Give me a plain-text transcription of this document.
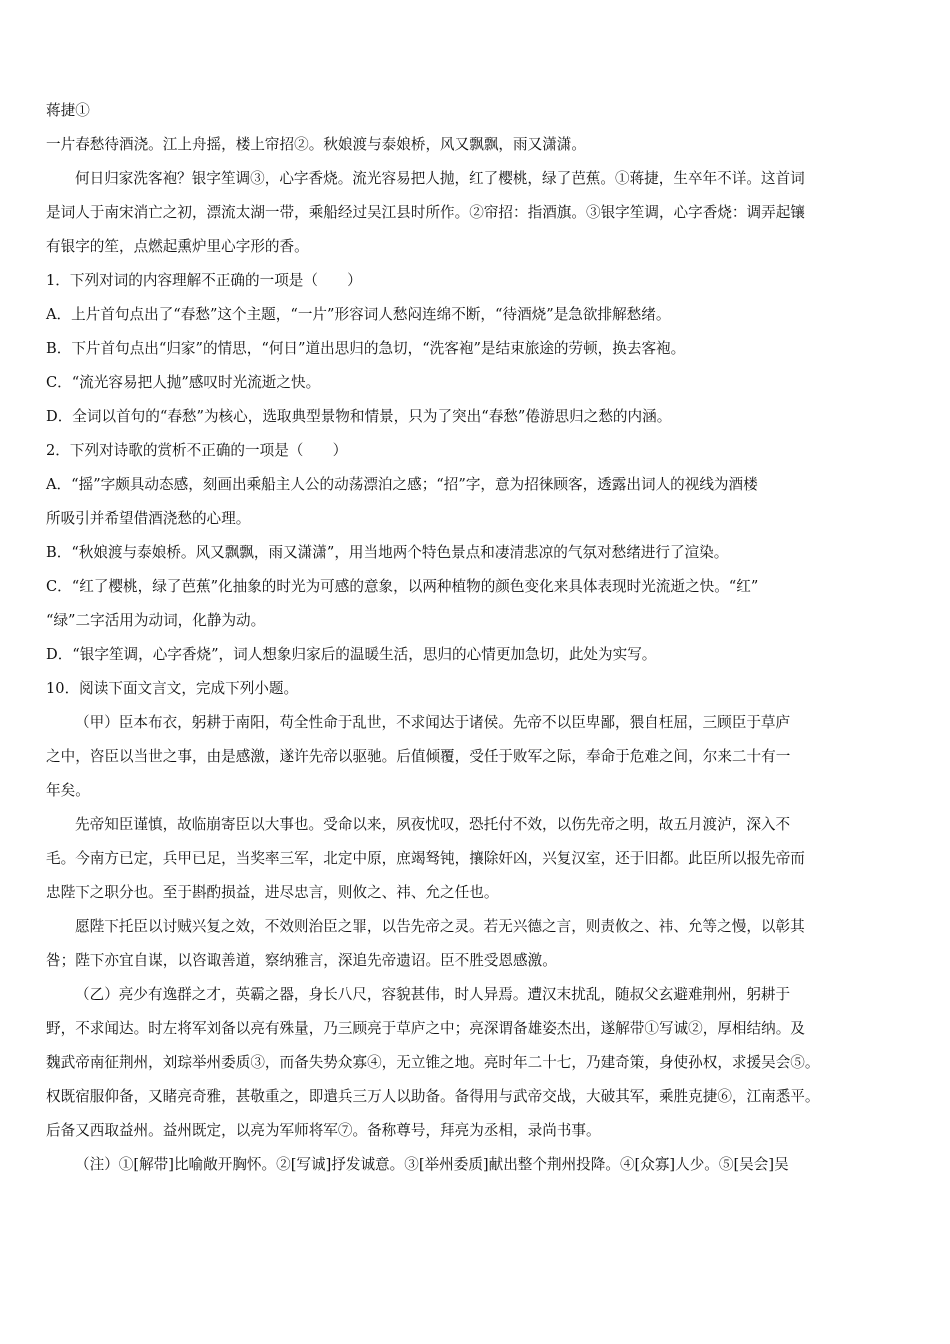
蒋捷①

一片春愁待酒浇。江上舟摇，楼上帘招②。秋娘渡与泰娘桥，风又飘飘，雨又潇潇。

何日归家洗客袍？银字笙调③，心字香烧。流光容易把人抛，红了樱桃，绿了芭蕉。①蒋捷，生卒年不详。这首词

是词人于南宋消亡之初，漂流太湖一带，乘船经过吴江县时所作。②帘招：指酒旗。③银字笙调，心字香烧：调弄起镶

有银字的笙，点燃起熏炉里心字形的香。

1．下列对词的内容理解不正确的一项是（　　）

A．上片首句点出了“春愁”这个主题，“一片”形容词人愁闷连绵不断，“待酒烧”是急欲排解愁绪。

B．下片首句点出“归家”的情思，“何日”道出思归的急切，“洗客袍”是结束旅途的劳顿，换去客袍。

C．“流光容易把人抛”感叹时光流逝之快。

D．全词以首句的“春愁”为核心，选取典型景物和情景，只为了突出“春愁”倦游思归之愁的内涵。

2．下列对诗歌的赏析不正确的一项是（　　）

A．“摇”字颇具动态感，刻画出乘船主人公的动荡漂泊之感；“招”字，意为招徕顾客，透露出词人的视线为酒楼

所吸引并希望借酒浇愁的心理。

B．“秋娘渡与泰娘桥。风又飘飘，雨又潇潇”，用当地两个特色景点和凄清悲凉的气氛对愁绪进行了渲染。

C．“红了樱桃，绿了芭蕉”化抽象的时光为可感的意象，以两种植物的颜色变化来具体表现时光流逝之快。“红”

“绿”二字活用为动词，化静为动。

D．“银字笙调，心字香烧”，词人想象归家后的温暖生活，思归的心情更加急切，此处为实写。

10．阅读下面文言文，完成下列小题。

（甲）臣本布衣，躬耕于南阳，苟全性命于乱世，不求闻达于诸侯。先帝不以臣卑鄙，猥自枉屈，三顾臣于草庐

之中，咨臣以当世之事，由是感激，遂许先帝以驱驰。后值倾覆，受任于败军之际，奉命于危难之间，尔来二十有一

年矣。

先帝知臣谨慎，故临崩寄臣以大事也。受命以来，夙夜忧叹，恐托付不效，以伤先帝之明，故五月渡泸，深入不

毛。今南方已定，兵甲已足，当奖率三军，北定中原，庶竭驽钝，攘除奸凶，兴复汉室，还于旧都。此臣所以报先帝而

忠陛下之职分也。至于斟酌损益，进尽忠言，则攸之、祎、允之任也。

愿陛下托臣以讨贼兴复之效，不效则治臣之罪，以告先帝之灵。若无兴德之言，则责攸之、祎、允等之慢，以彰其

咎；陛下亦宜自谋，以咨诹善道，察纳雅言，深追先帝遗诏。臣不胜受恩感激。

（乙）亮少有逸群之才，英霸之器，身长八尺，容貌甚伟，时人异焉。遭汉末扰乱，随叔父玄避难荆州，躬耕于

野，不求闻达。时左将军刘备以亮有殊量，乃三顾亮于草庐之中；亮深谓备雄姿杰出，遂解带①写诚②，厚相结纳。及

魏武帝南征荆州，刘琮举州委质③，而备失势众寡④，无立锥之地。亮时年二十七，乃建奇策，身使孙权，求援吴会⑤。

权既宿服仰备，又睹亮奇雅，甚敬重之，即遣兵三万人以助备。备得用与武帝交战，大破其军，乘胜克捷⑥，江南悉平。

后备又西取益州。益州既定，以亮为军师将军⑦。备称尊号，拜亮为丞相，录尚书事。

（注）①[解带]比喻敞开胸怀。②[写诚]抒发诚意。③[举州委质]献出整个荆州投降。④[众寡]人少。⑤[吴会]吴
